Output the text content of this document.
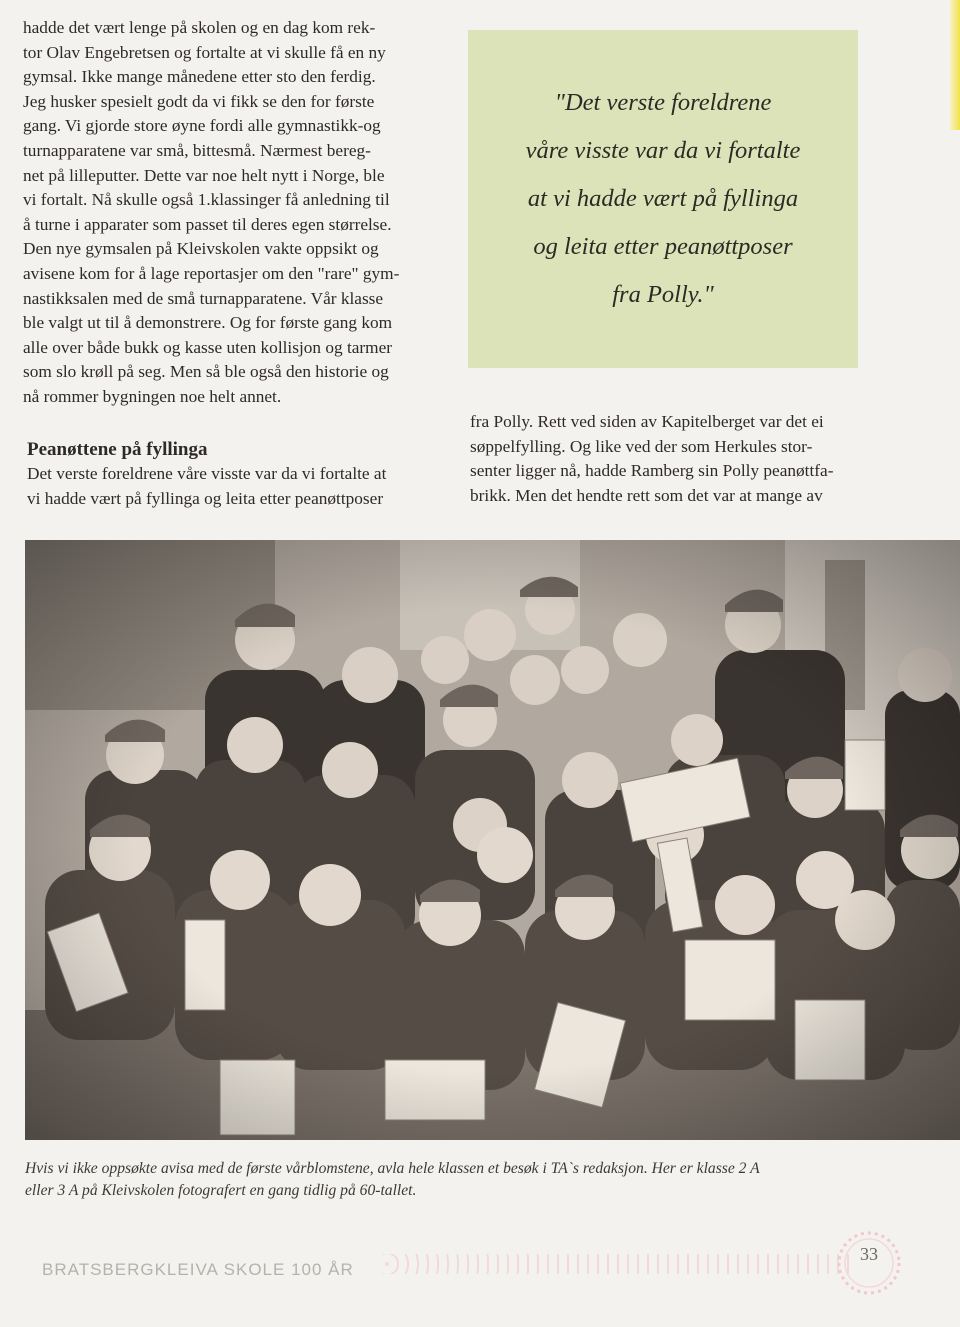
hadde det vært lenge på skolen og en dag kom rek-

tor Olav Engebretsen og fortalte at vi skulle få en ny

gymsal. Ikke mange månedene etter sto den ferdig.

Jeg husker spesielt godt da vi fikk se den for første

gang. Vi gjorde store øyne fordi alle gymnastikk-og

turnapparatene var små, bittesmå. Nærmest bereg-

net på lilleputter. Dette var noe helt nytt i Norge, ble

vi fortalt. Nå skulle også 1.klassinger få anledning til

å turne i apparater som passet til deres egen størrelse.

Den nye gymsalen på Kleivskolen vakte oppsikt og

avisene kom for å lage reportasjer om den "rare" gym-

nastikksalen med de små turnapparatene. Vår klasse

ble valgt ut til å demonstrere. Og for første gang kom

alle over både bukk og kasse uten kollisjon og tarmer

som slo krøll på seg. Men så ble også den historie og

nå rommer bygningen noe helt annet.

Peanøttene på fyllinga

Det verste foreldrene våre visste var da vi fortalte at

vi hadde vært på fyllinga og leita etter peanøttposer

"Det verste foreldrene

våre visste var da vi fortalte

at vi hadde vært på fyllinga

og leita etter peanøttposer

fra Polly."

fra Polly. Rett ved siden av Kapitelberget var det ei

søppelfylling. Og like ved der som Herkules stor-

senter ligger nå, hadde Ramberg sin Polly peanøttfa-

brikk. Men det hendte rett som det var at mange av

Hvis vi ikke oppsøkte avisa med de første vårblomstene, avla hele klassen et besøk i TA`s redaksjon. Her er klasse 2 A

eller 3 A på Kleivskolen fotografert en gang tidlig på 60-tallet.

BRATSBERGKLEIVA SKOLE 100 ÅR
33
